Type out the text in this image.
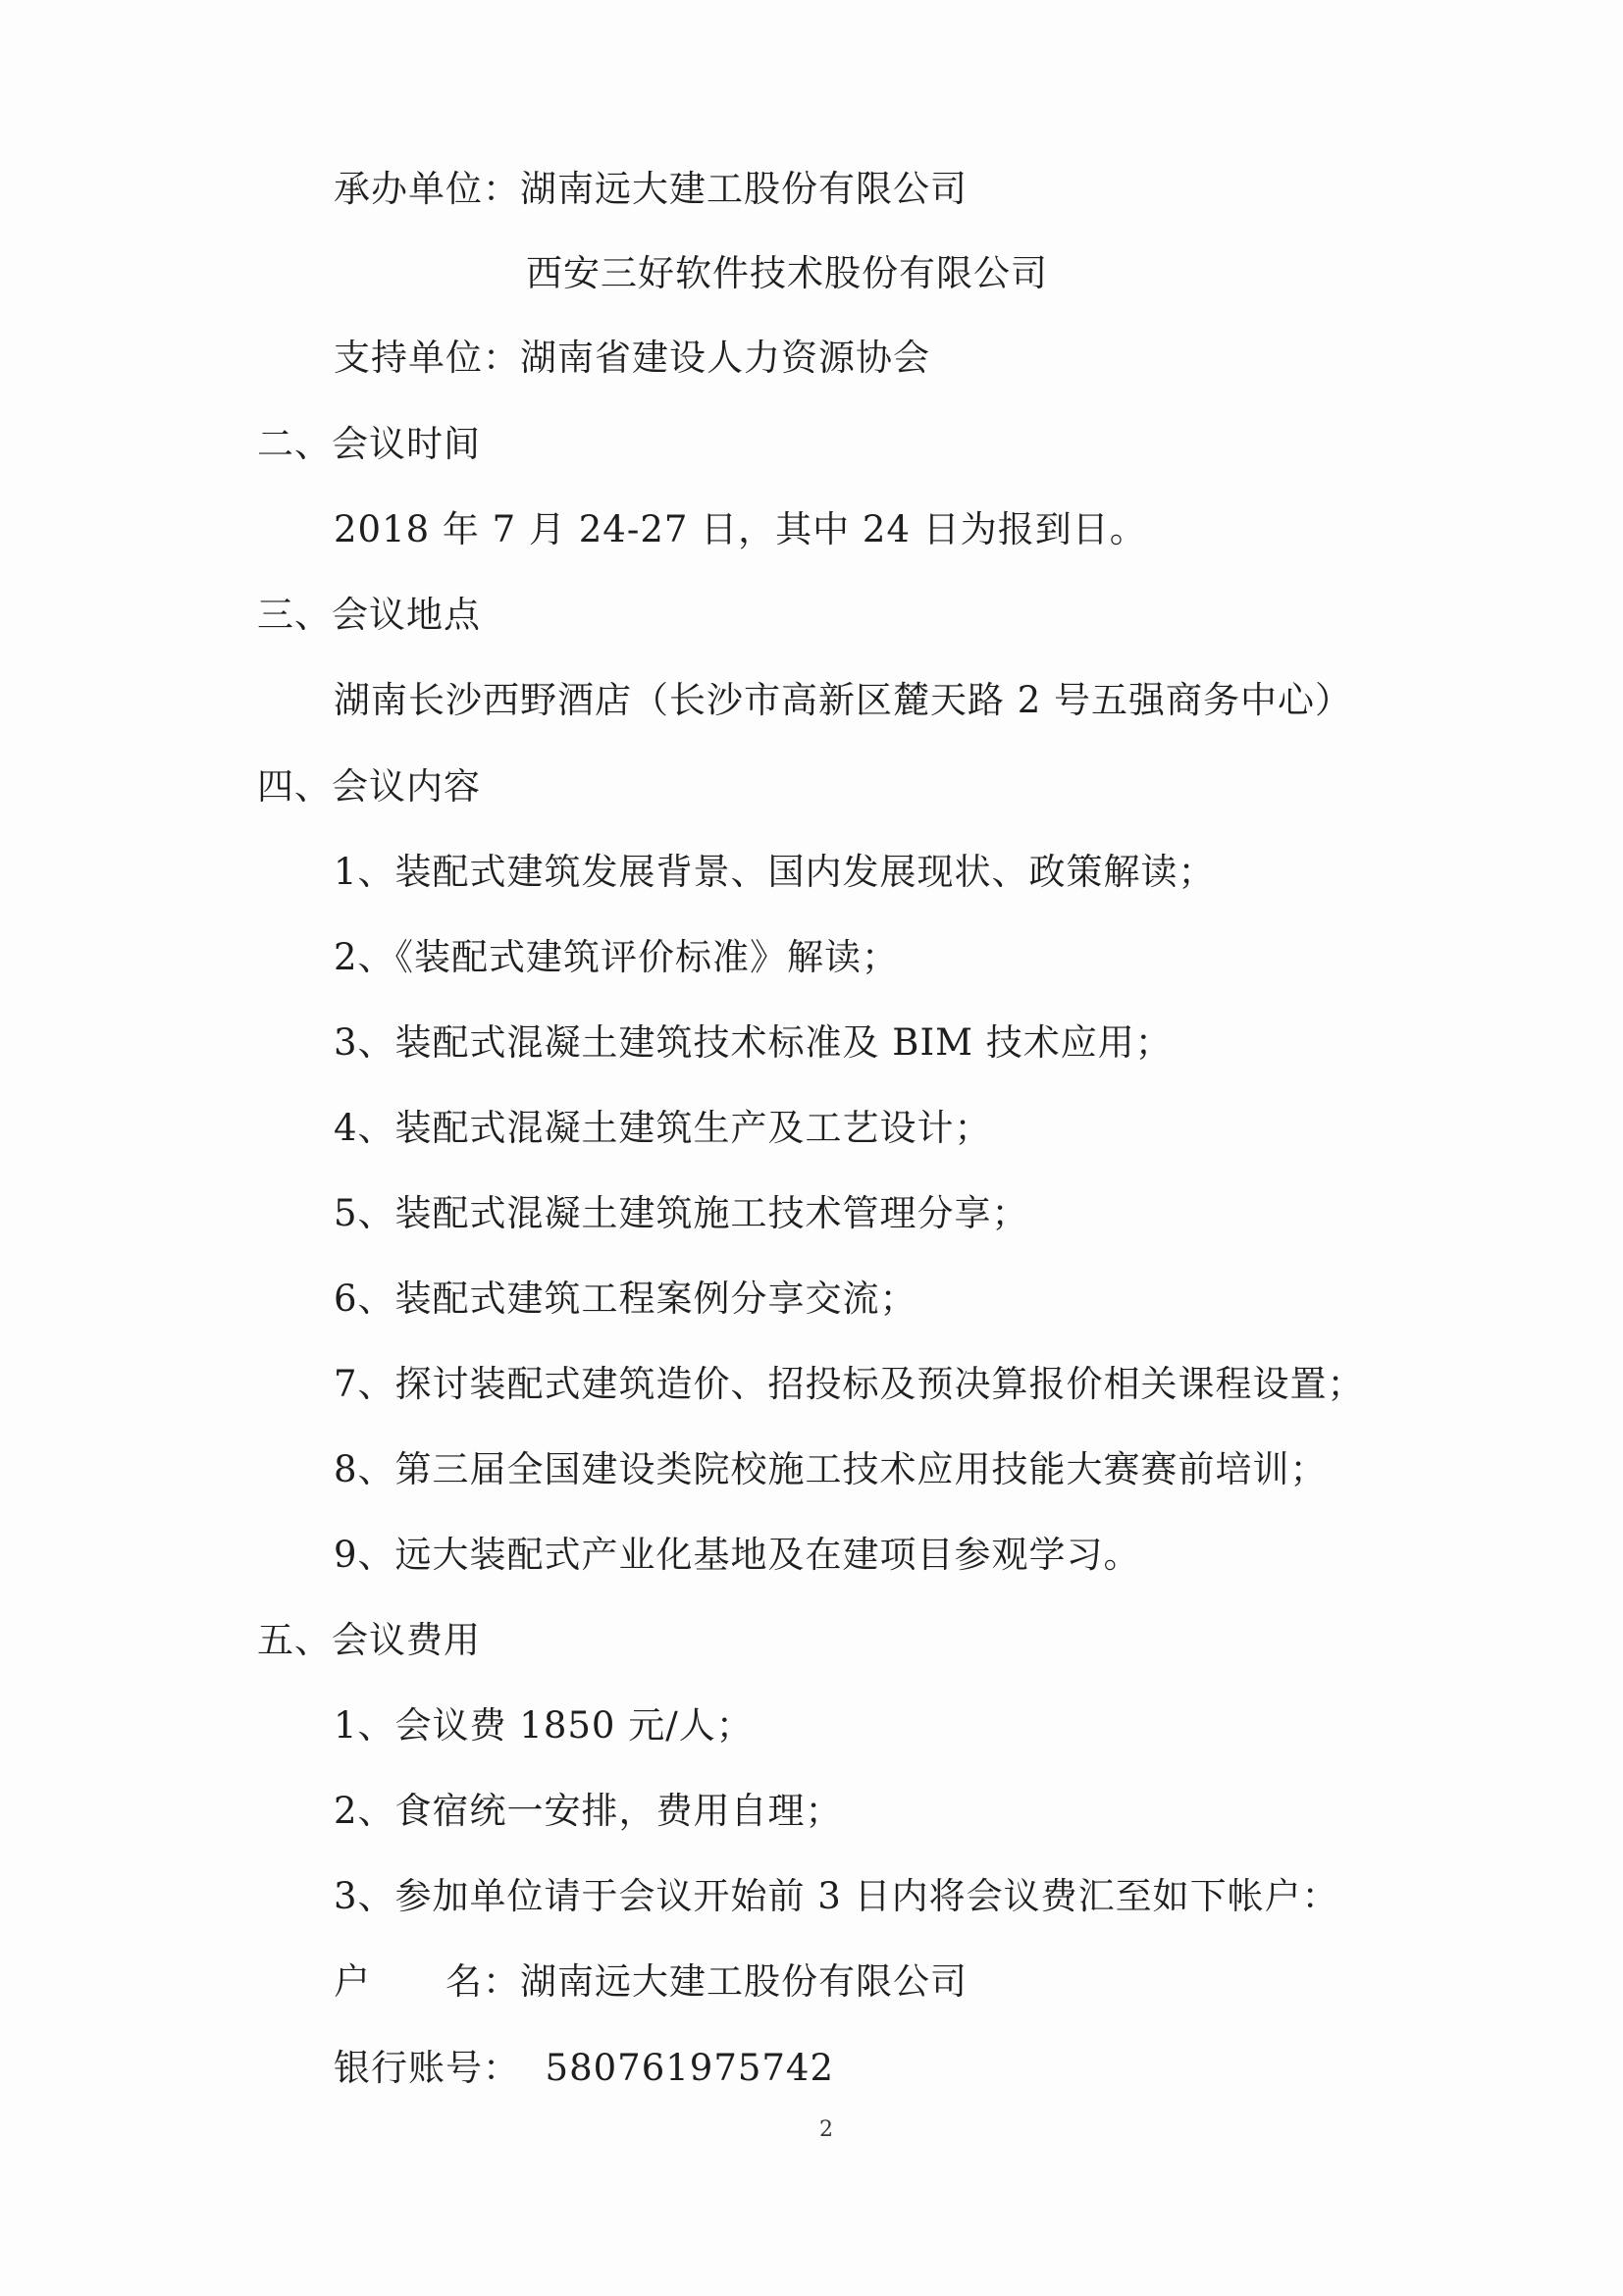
承办单位：湖南远大建工股份有限公司
西安三好软件技术股份有限公司
支持单位：湖南省建设人力资源协会
二、会议时间
2018 年 7 月 24-27 日，其中 24 日为报到日。
三、会议地点
湖南长沙西野酒店（长沙市高新区麓天路 2 号五强商务中心）
四、会议内容
1、装配式建筑发展背景、国内发展现状、政策解读；
2、《装配式建筑评价标准》解读；
3、装配式混凝土建筑技术标准及 BIM 技术应用；
4、装配式混凝土建筑生产及工艺设计；
5、装配式混凝土建筑施工技术管理分享；
6、装配式建筑工程案例分享交流；
7、探讨装配式建筑造价、招投标及预决算报价相关课程设置；
8、第三届全国建设类院校施工技术应用技能大赛赛前培训；
9、远大装配式产业化基地及在建项目参观学习。
五、会议费用
1、会议费 1850 元/人；
2、食宿统一安排，费用自理；
3、参加单位请于会议开始前 3 日内将会议费汇至如下帐户：
户　　名：湖南远大建工股份有限公司
银行账号： 580761975742
2
